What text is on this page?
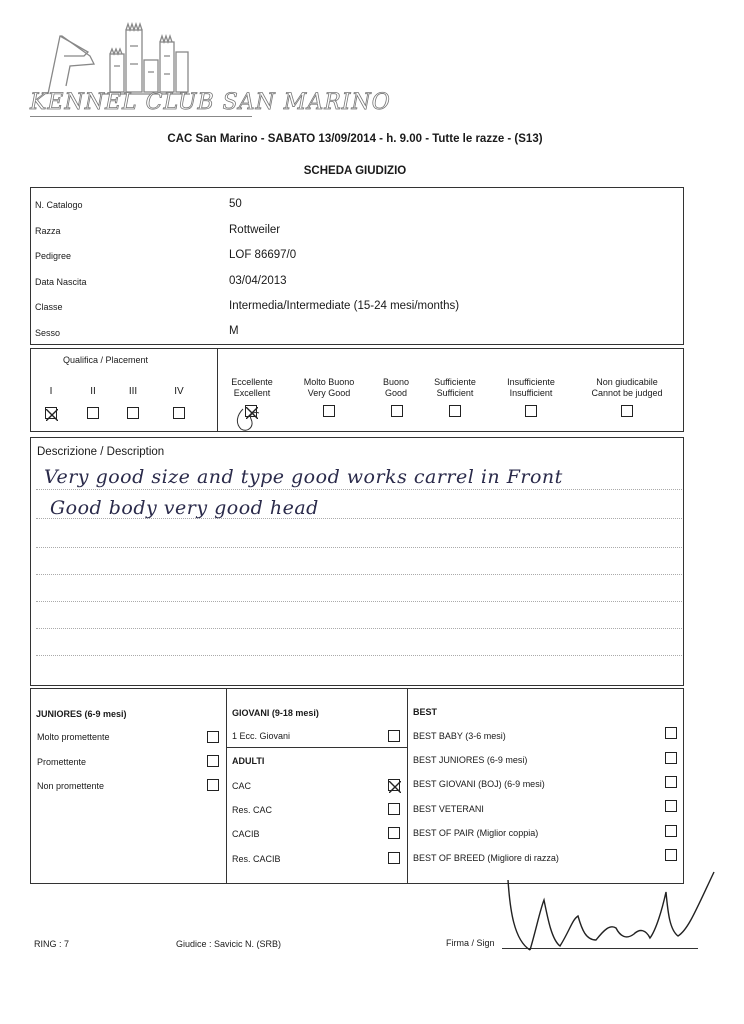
KENNEL CLUB SAN MARINO
CAC San Marino - SABATO 13/09/2014 - h. 9.00 - Tutte le razze - (S13)
SCHEDA GIUDIZIO
N. Catalogo	50
Razza	Rottweiler
Pedigree	LOF 86697/0
Data Nascita	03/04/2013
Classe	Intermedia/Intermediate (15-24 mesi/months)
Sesso	M
Qualifica / Placement
I	II	III	IV
Eccellente
Excellent
Molto Buono
Very Good
Buono
Good
Sufficiente
Sufficient
Insufficiente
Insufficient
Non giudicabile
Cannot be judged
Descrizione / Description
Very good size and type good works carrel in Front
Good body very good head
JUNIORES (6-9 mesi)
Molto promettente
Promettente
Non promettente
GIOVANI (9-18 mesi)
1 Ecc. Giovani
ADULTI
CAC
Res. CAC
CACIB
Res. CACIB
BEST
BEST BABY (3-6 mesi)
BEST JUNIORES (6-9 mesi)
BEST GIOVANI (BOJ) (6-9 mesi)
BEST VETERANI
BEST OF PAIR (Miglior coppia)
BEST OF BREED (Migliore di razza)
RING : 7	Giudice : Savicic N. (SRB)	Firma / Sign
